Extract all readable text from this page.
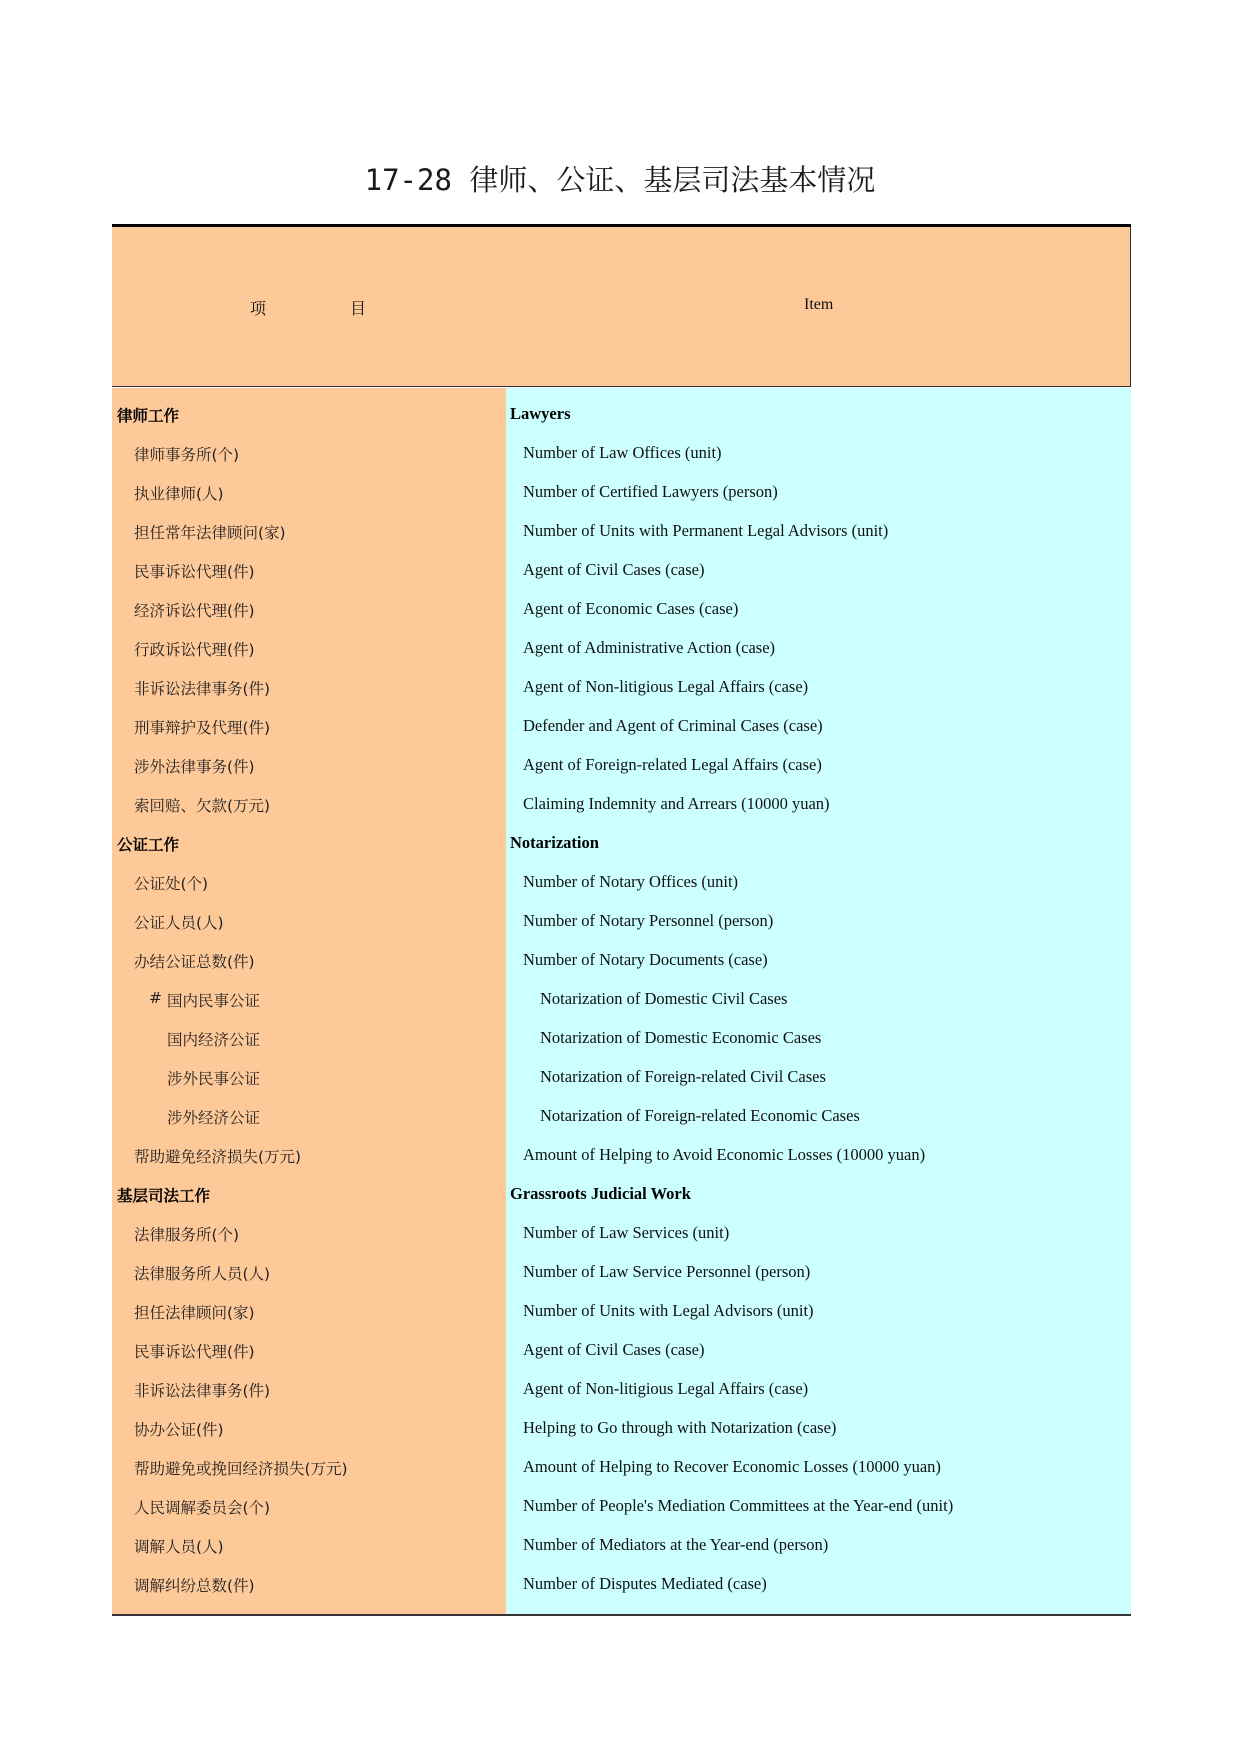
17-28 律师、公证、基层司法基本情况
项	目	Item
律师工作	Lawyers
律师事务所(个)	Number of Law Offices (unit)
执业律师(人)	Number of Certified Lawyers (person)
担任常年法律顾问(家)	Number of Units with Permanent Legal Advisors (unit)
民事诉讼代理(件)	Agent of Civil Cases (case)
经济诉讼代理(件)	Agent of Economic Cases (case)
行政诉讼代理(件)	Agent of Administrative Action (case)
非诉讼法律事务(件)	Agent of Non-litigious Legal Affairs (case)
刑事辩护及代理(件)	Defender and Agent of Criminal Cases (case)
涉外法律事务(件)	Agent of Foreign-related Legal Affairs (case)
索回赔、欠款(万元)	Claiming Indemnity and Arrears (10000 yuan)
公证工作	Notarization
公证处(个)	Number of Notary Offices (unit)
公证人员(人)	Number of Notary Personnel (person)
办结公证总数(件)	Number of Notary Documents (case)
# 国内民事公证	Notarization of Domestic Civil Cases
国内经济公证	Notarization of Domestic Economic Cases
涉外民事公证	Notarization of Foreign-related Civil Cases
涉外经济公证	Notarization of Foreign-related Economic Cases
帮助避免经济损失(万元)	Amount of Helping to Avoid Economic Losses (10000 yuan)
基层司法工作	Grassroots Judicial Work
法律服务所(个)	Number of Law Services (unit)
法律服务所人员(人)	Number of Law Service Personnel (person)
担任法律顾问(家)	Number of Units with Legal Advisors (unit)
民事诉讼代理(件)	Agent of Civil Cases (case)
非诉讼法律事务(件)	Agent of Non-litigious Legal Affairs (case)
协办公证(件)	Helping to Go through with Notarization (case)
帮助避免或挽回经济损失(万元)	Amount of Helping to Recover Economic Losses (10000 yuan)
人民调解委员会(个)	Number of People's Mediation Committees at the Year-end (unit)
调解人员(人)	Number of Mediators at the Year-end (person)
调解纠纷总数(件)	Number of Disputes Mediated (case)
